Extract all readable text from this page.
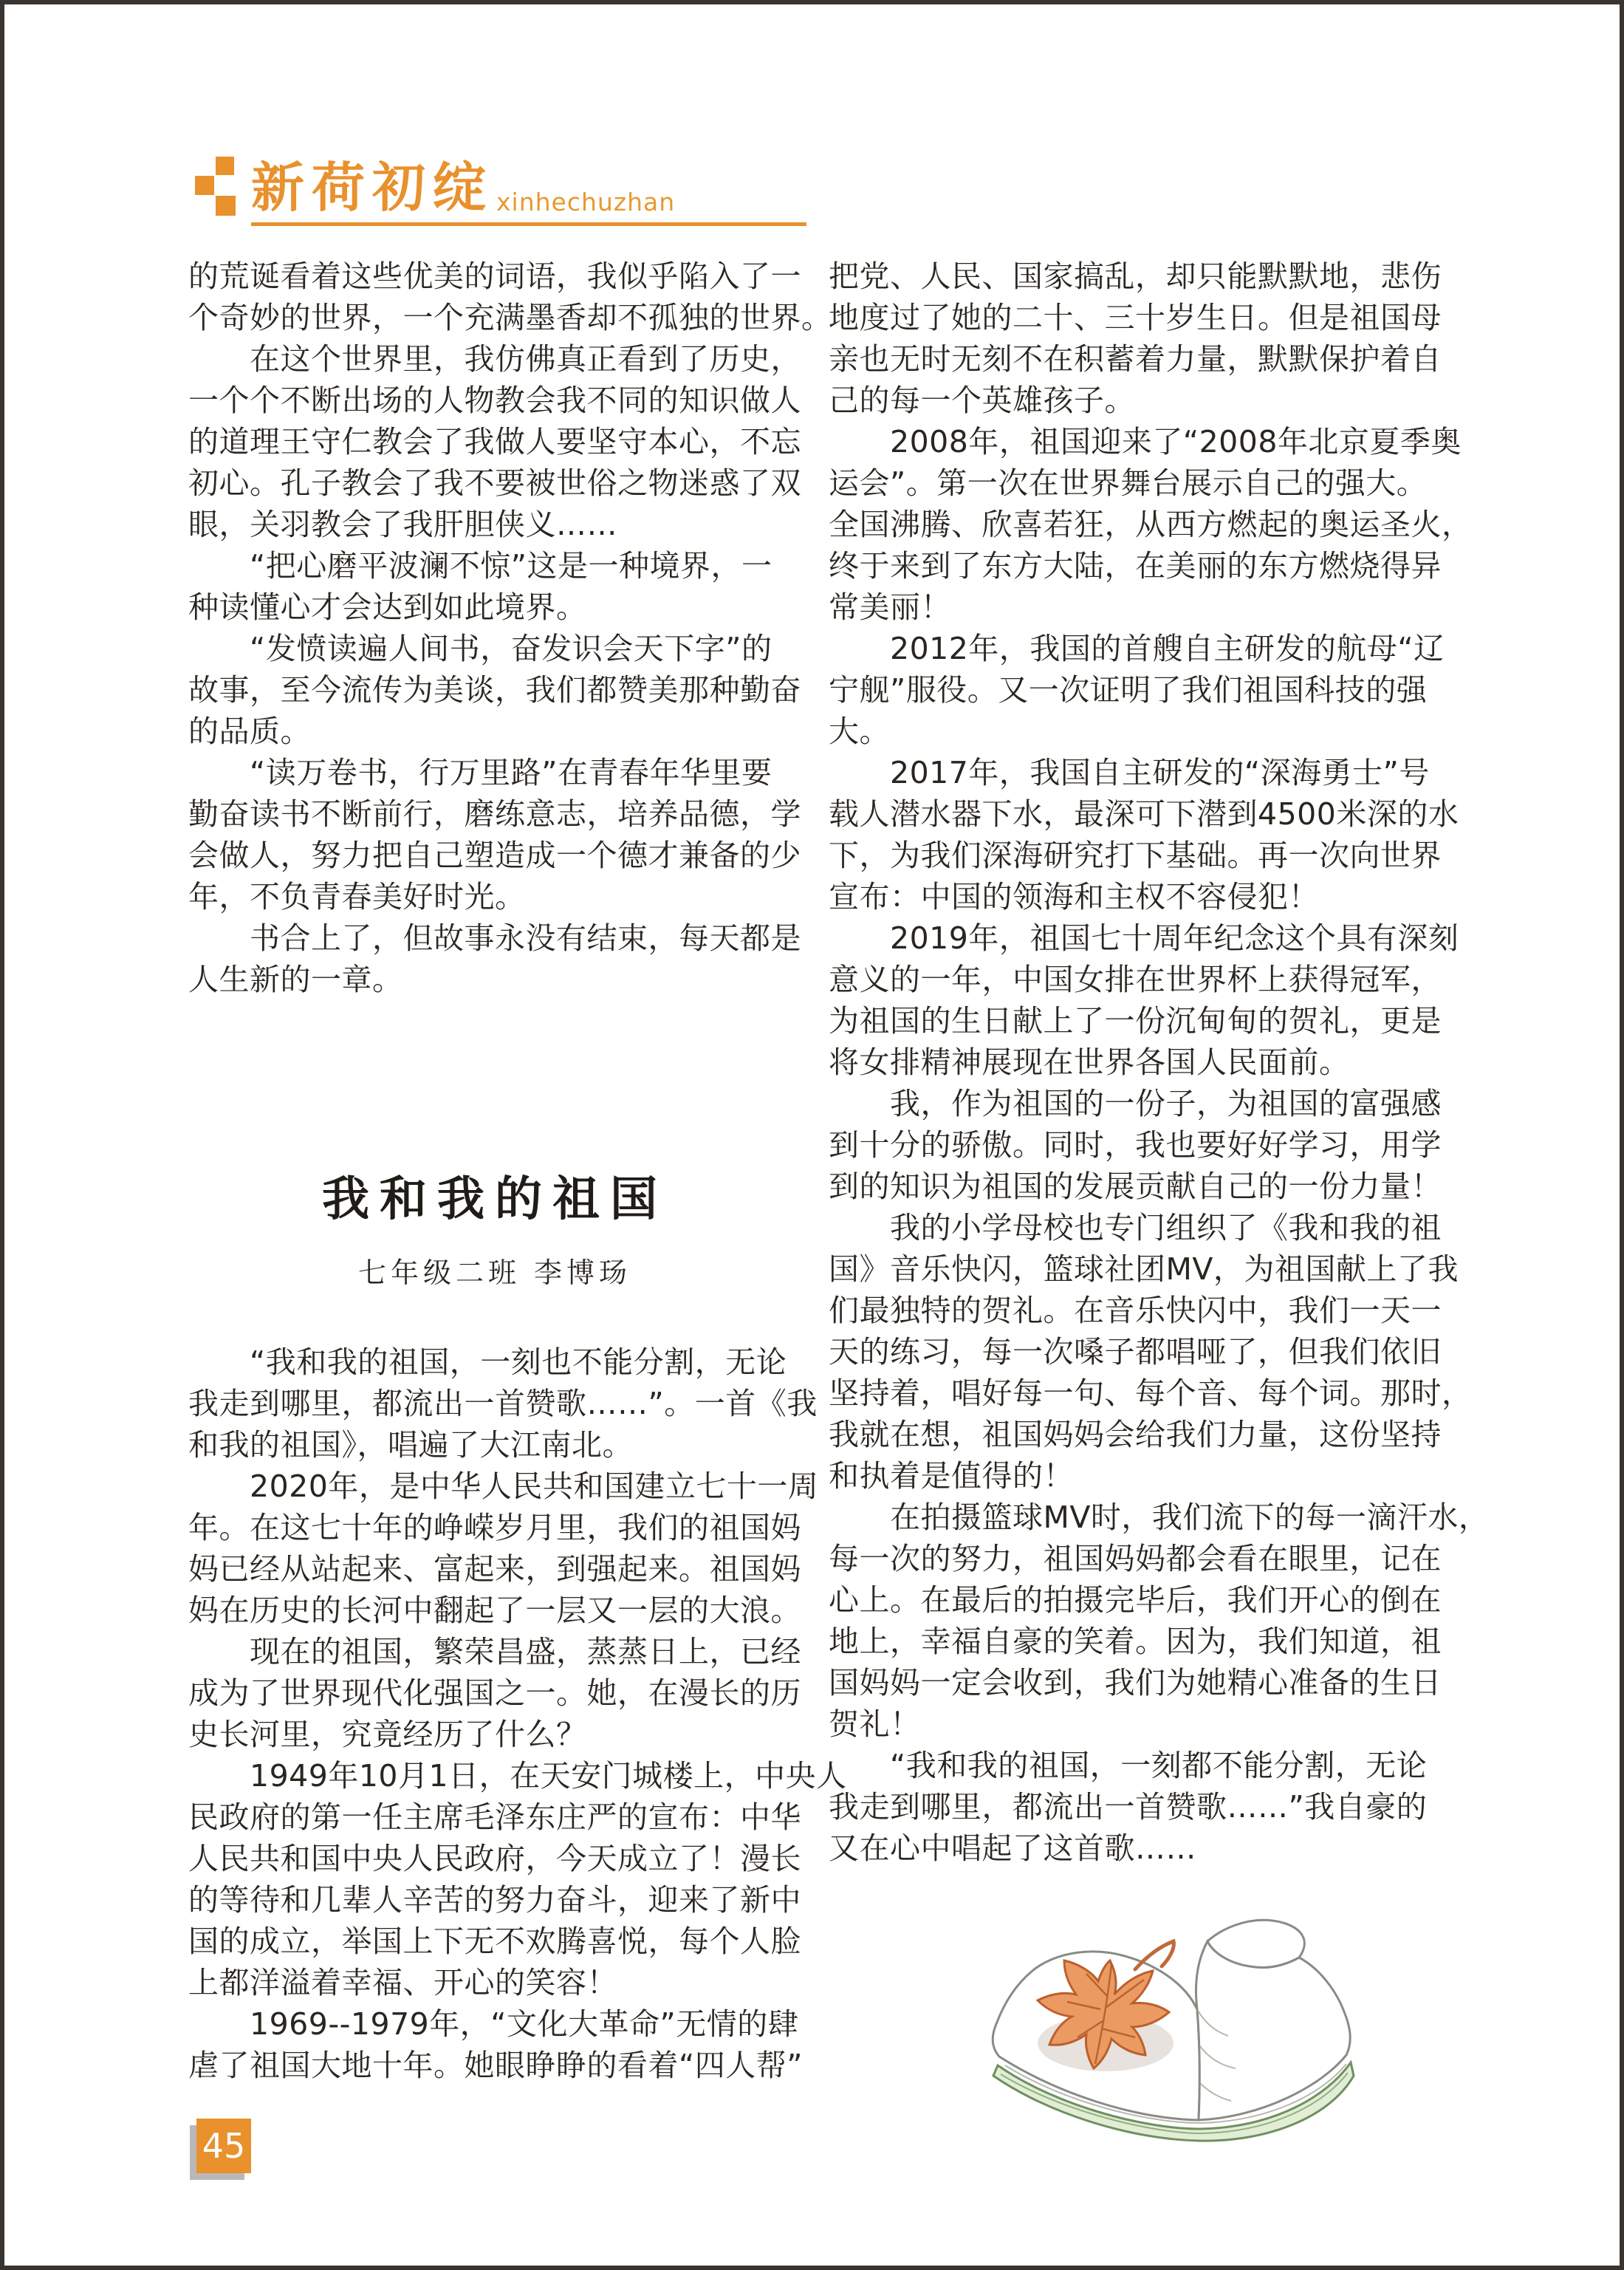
新荷初绽 xinhechuzhan
的荒诞看着这些优美的词语，我似乎陷入了一
个奇妙的世界，一个充满墨香却不孤独的世界。
　　在这个世界里，我仿佛真正看到了历史，
一个个不断出场的人物教会我不同的知识做人
的道理王守仁教会了我做人要坚守本心，不忘
初心。孔子教会了我不要被世俗之物迷惑了双
眼，关羽教会了我肝胆侠义……
　　“把心磨平波澜不惊”这是一种境界，一
种读懂心才会达到如此境界。
　　“发愤读遍人间书，奋发识会天下字”的
故事，至今流传为美谈，我们都赞美那种勤奋
的品质。
　　“读万卷书，行万里路”在青春年华里要
勤奋读书不断前行，磨练意志，培养品德，学
会做人，努力把自己塑造成一个德才兼备的少
年，不负青春美好时光。
　　书合上了，但故事永没有结束，每天都是
人生新的一章。
我和我的祖国
七年级二班 李博玚
　　“我和我的祖国，一刻也不能分割，无论
我走到哪里，都流出一首赞歌……”。一首《我
和我的祖国》，唱遍了大江南北。
　　2020年，是中华人民共和国建立七十一周
年。在这七十年的峥嵘岁月里，我们的祖国妈
妈已经从站起来、富起来，到强起来。祖国妈
妈在历史的长河中翻起了一层又一层的大浪。
　　现在的祖国，繁荣昌盛，蒸蒸日上，已经
成为了世界现代化强国之一。她，在漫长的历
史长河里，究竟经历了什么？
　　1949年10月1日，在天安门城楼上，中央人
民政府的第一任主席毛泽东庄严的宣布：中华
人民共和国中央人民政府，今天成立了！漫长
的等待和几辈人辛苦的努力奋斗，迎来了新中
国的成立，举国上下无不欢腾喜悦，每个人脸
上都洋溢着幸福、开心的笑容！
　　1969--1979年，“文化大革命”无情的肆
虐了祖国大地十年。她眼睁睁的看着“四人帮”
把党、人民、国家搞乱，却只能默默地，悲伤
地度过了她的二十、三十岁生日。但是祖国母
亲也无时无刻不在积蓄着力量，默默保护着自
己的每一个英雄孩子。
　　2008年，祖国迎来了“2008年北京夏季奥
运会”。第一次在世界舞台展示自己的强大。
全国沸腾、欣喜若狂，从西方燃起的奥运圣火，
终于来到了东方大陆，在美丽的东方燃烧得异
常美丽！
　　2012年，我国的首艘自主研发的航母“辽
宁舰”服役。又一次证明了我们祖国科技的强
大。
　　2017年，我国自主研发的“深海勇士”号
载人潜水器下水，最深可下潜到4500米深的水
下，为我们深海研究打下基础。再一次向世界
宣布：中国的领海和主权不容侵犯！
　　2019年，祖国七十周年纪念这个具有深刻
意义的一年，中国女排在世界杯上获得冠军，
为祖国的生日献上了一份沉甸甸的贺礼，更是
将女排精神展现在世界各国人民面前。
　　我，作为祖国的一份子，为祖国的富强感
到十分的骄傲。同时，我也要好好学习，用学
到的知识为祖国的发展贡献自己的一份力量！
　　我的小学母校也专门组织了《我和我的祖
国》音乐快闪，篮球社团MV，为祖国献上了我
们最独特的贺礼。在音乐快闪中，我们一天一
天的练习，每一次嗓子都唱哑了，但我们依旧
坚持着，唱好每一句、每个音、每个词。那时，
我就在想，祖国妈妈会给我们力量，这份坚持
和执着是值得的！
　　在拍摄篮球MV时，我们流下的每一滴汗水，
每一次的努力，祖国妈妈都会看在眼里，记在
心上。在最后的拍摄完毕后，我们开心的倒在
地上，幸福自豪的笑着。因为，我们知道，祖
国妈妈一定会收到，我们为她精心准备的生日
贺礼！
　　“我和我的祖国，一刻都不能分割，无论
我走到哪里，都流出一首赞歌……”我自豪的
又在心中唱起了这首歌……
45
